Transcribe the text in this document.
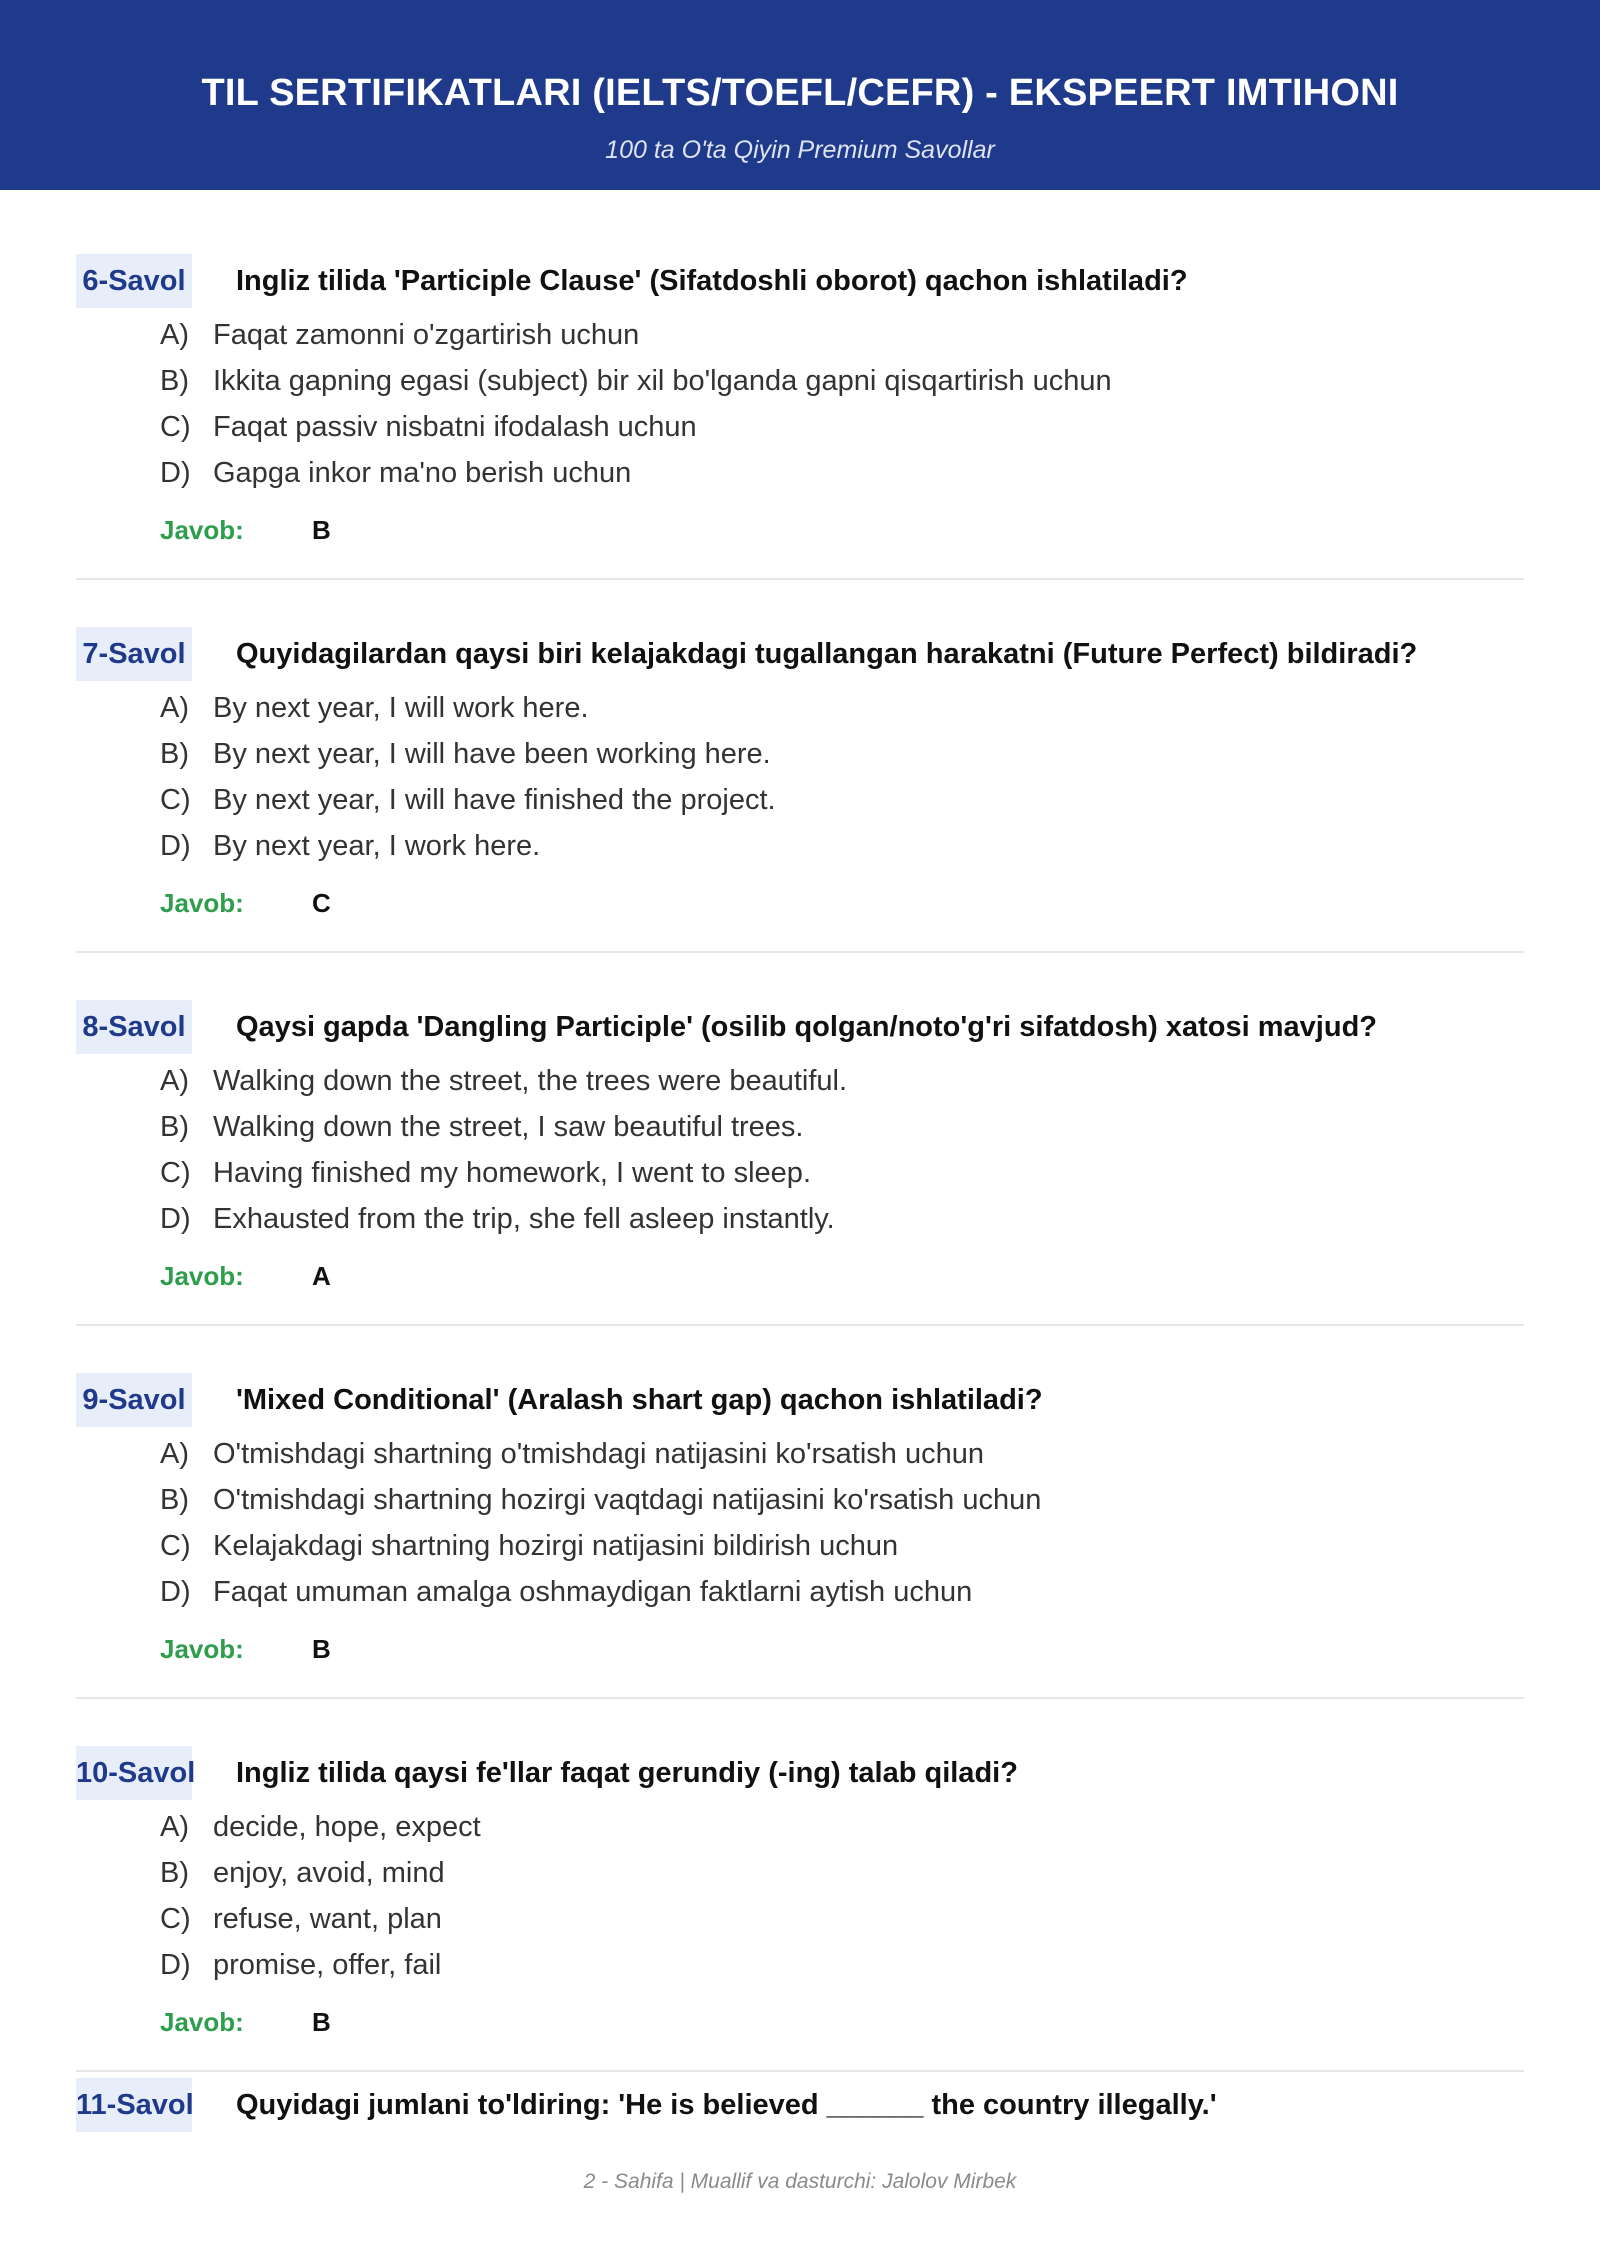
TIL SERTIFIKATLARI (IELTS/TOEFL/CEFR) - EKSPEERT IMTIHONI
100 ta O'ta Qiyin Premium Savollar
6-Savol Ingliz tilida 'Participle Clause' (Sifatdoshli oborot) qachon ishlatiladi?
A) Faqat zamonni o'zgartirish uchun
B) Ikkita gapning egasi (subject) bir xil bo'lganda gapni qisqartirish uchun
C) Faqat passiv nisbatni ifodalash uchun
D) Gapga inkor ma'no berish uchun
Javob:	B
7-Savol Quyidagilardan qaysi biri kelajakdagi tugallangan harakatni (Future Perfect) bildiradi?
A) By next year, I will work here.
B) By next year, I will have been working here.
C) By next year, I will have finished the project.
D) By next year, I work here.
Javob:	C
8-Savol Qaysi gapda 'Dangling Participle' (osilib qolgan/noto'g'ri sifatdosh) xatosi mavjud?
A) Walking down the street, the trees were beautiful.
B) Walking down the street, I saw beautiful trees.
C) Having finished my homework, I went to sleep.
D) Exhausted from the trip, she fell asleep instantly.
Javob:	A
9-Savol 'Mixed Conditional' (Aralash shart gap) qachon ishlatiladi?
A) O'tmishdagi shartning o'tmishdagi natijasini ko'rsatish uchun
B) O'tmishdagi shartning hozirgi vaqtdagi natijasini ko'rsatish uchun
C) Kelajakdagi shartning hozirgi natijasini bildirish uchun
D) Faqat umuman amalga oshmaydigan faktlarni aytish uchun
Javob:	B
10-Savol Ingliz tilida qaysi fe'llar faqat gerundiy (-ing) talab qiladi?
A) decide, hope, expect
B) enjoy, avoid, mind
C) refuse, want, plan
D) promise, offer, fail
Javob:	B
11-Savol Quyidagi jumlani to'ldiring: 'He is believed ______ the country illegally.'
2 - Sahifa | Muallif va dasturchi: Jalolov Mirbek
